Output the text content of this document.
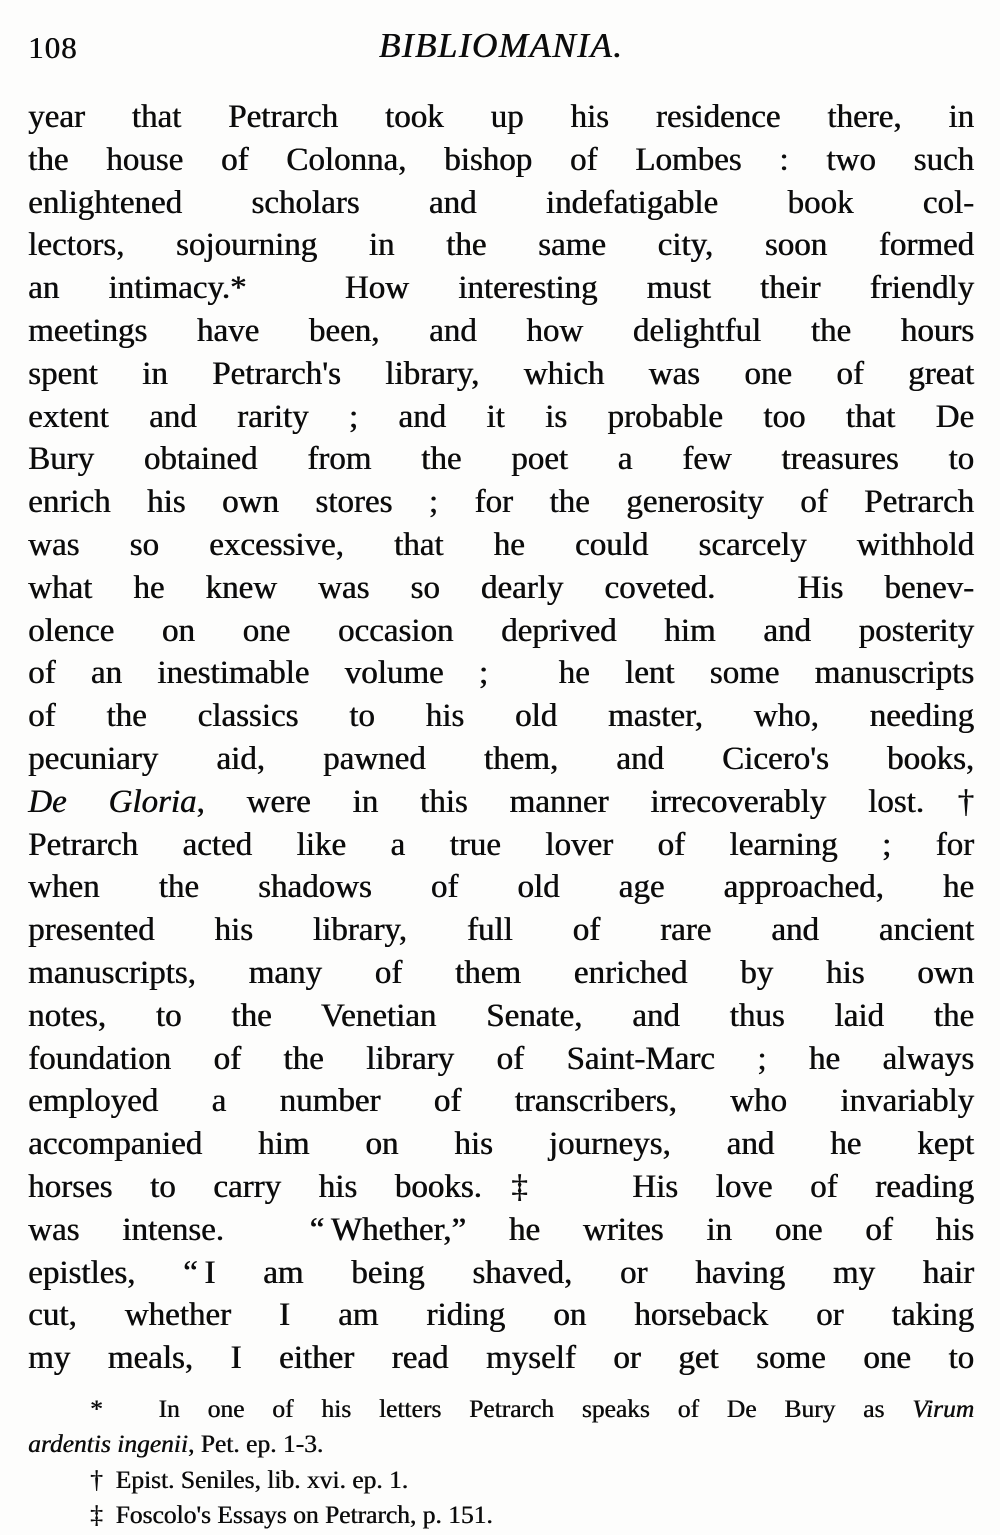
108	BIBLIOMANIA.
year that Petrarch took up his residence there, in
the house of Colonna, bishop of Lombes : two such
enlightened scholars and indefatigable book col-
lectors, sojourning in the same city, soon formed
an intimacy.*  How interesting must their friendly
meetings have been, and how delightful the hours
spent in Petrarch's library, which was one of great
extent and rarity ; and it is probable too that De
Bury obtained from the poet a few treasures to
enrich his own stores ; for the generosity of Petrarch
was so excessive, that he could scarcely withhold
what he knew was so dearly coveted.  His benev-
olence on one occasion deprived him and posterity
of an inestimable volume ;  he lent some manuscripts
of the classics to his old master, who, needing
pecuniary aid, pawned them, and Cicero's books,
De Gloria, were in this manner irrecoverably lost.†
Petrarch acted like a true lover of learning ; for
when the shadows of old age approached, he
presented his library, full of rare and ancient
manuscripts, many of them enriched by his own
notes, to the Venetian Senate, and thus laid the
foundation of the library of Saint-Marc ; he always
employed a number of transcribers, who invariably
accompanied him on his journeys, and he kept
horses to carry his books.‡  His love of reading
was intense.  “ Whether,” he writes in one of his
epistles, “ I am being shaved, or having my hair
cut, whether I am riding on horseback or taking
my meals, I either read myself or get some one to
*  In one of his letters Petrarch speaks of De Bury as Virum
ardentis ingenii, Pet. ep. 1-3.
†  Epist. Seniles, lib. xvi. ep. 1.
‡  Foscolo's Essays on Petrarch, p. 151.
